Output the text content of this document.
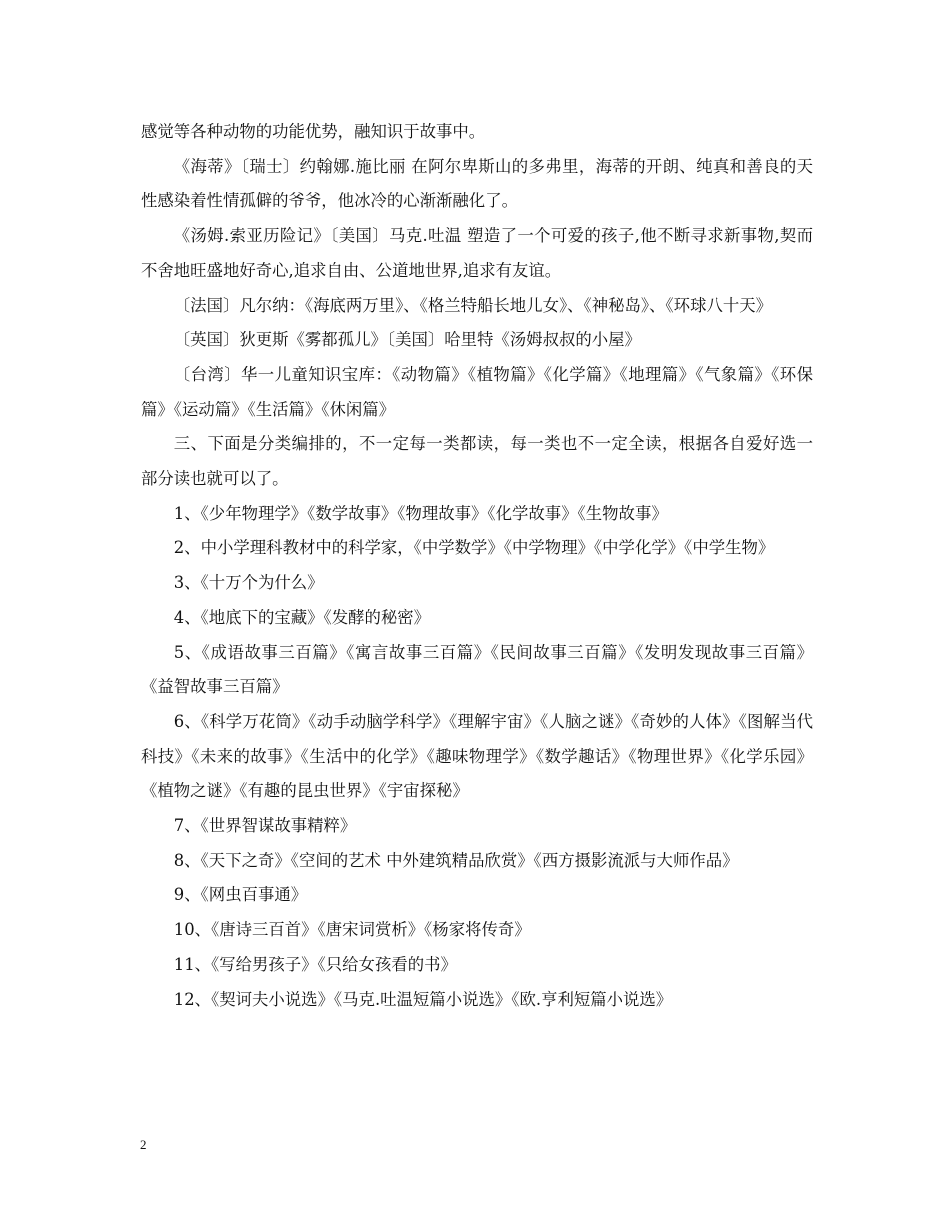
感觉等各种动物的功能优势，融知识于故事中。

《海蒂》〔瑞士〕约翰娜.施比丽 在阿尔卑斯山的多弗里，海蒂的开朗、纯真和善良的天性感染着性情孤僻的爷爷，他冰冷的心渐渐融化了。

《汤姆.索亚历险记》〔美国〕马克.吐温 塑造了一个可爱的孩子,他不断寻求新事物,契而不舍地旺盛地好奇心,追求自由、公道地世界,追求有友谊。

〔法国〕凡尔纳：《海底两万里》、《格兰特船长地儿女》、《神秘岛》、《环球八十天》

〔英国〕狄更斯《雾都孤儿》〔美国〕哈里特《汤姆叔叔的小屋》

〔台湾〕华一儿童知识宝库：《动物篇》《植物篇》《化学篇》《地理篇》《气象篇》《环保篇》《运动篇》《生活篇》《休闲篇》

三、下面是分类编排的，不一定每一类都读，每一类也不一定全读，根据各自爱好选一部分读也就可以了。

1、《少年物理学》《数学故事》《物理故事》《化学故事》《生物故事》

2、中小学理科教材中的科学家，《中学数学》《中学物理》《中学化学》《中学生物》

3、《十万个为什么》

4、《地底下的宝藏》《发酵的秘密》

5、《成语故事三百篇》《寓言故事三百篇》《民间故事三百篇》《发明发现故事三百篇》《益智故事三百篇》

6、《科学万花筒》《动手动脑学科学》《理解宇宙》《人脑之谜》《奇妙的人体》《图解当代科技》《未来的故事》《生活中的化学》《趣味物理学》《数学趣话》《物理世界》《化学乐园》《植物之谜》《有趣的昆虫世界》《宇宙探秘》

7、《世界智谋故事精粹》

8、《天下之奇》《空间的艺术 中外建筑精品欣赏》《西方摄影流派与大师作品》

9、《网虫百事通》

10、《唐诗三百首》《唐宋词赏析》《杨家将传奇》

11、《写给男孩子》《只给女孩看的书》

12、《契诃夫小说选》《马克.吐温短篇小说选》《欧.亨利短篇小说选》

2
